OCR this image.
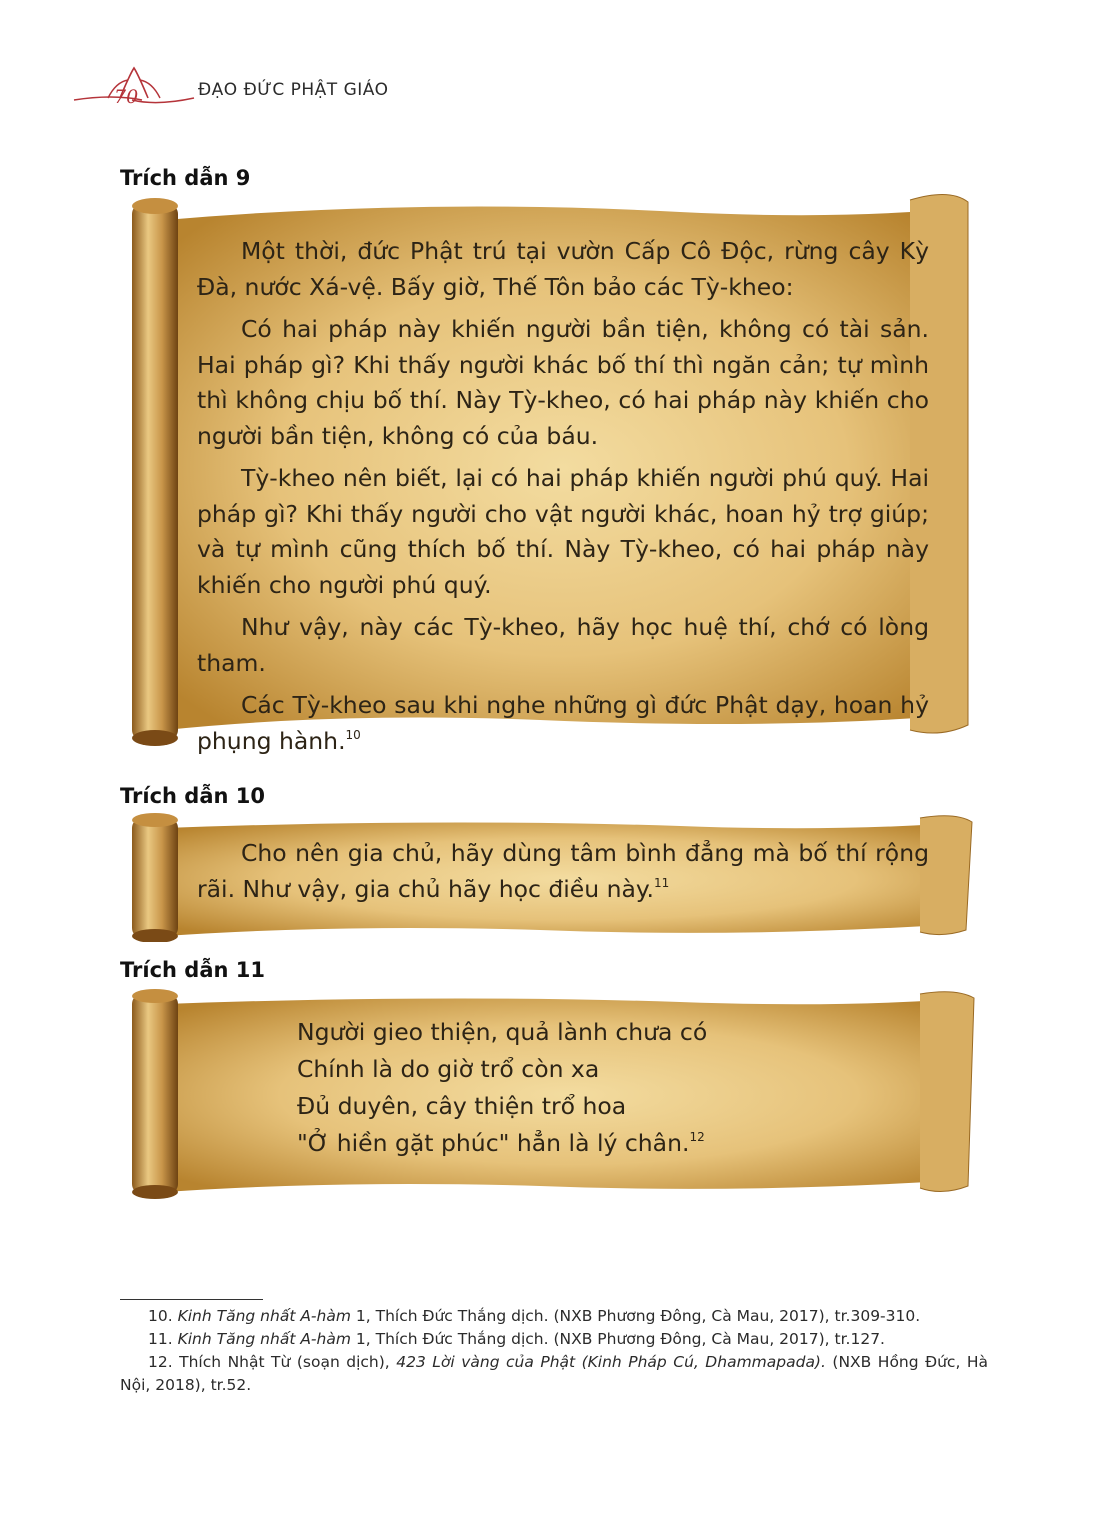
70	ĐẠO ĐỨC PHẬT GIÁO
Trích dẫn 9

Một thời, đức Phật trú tại vườn Cấp Cô Độc, rừng cây Kỳ Đà, nước Xá-vệ. Bấy giờ, Thế Tôn bảo các Tỳ-kheo:

Có hai pháp này khiến người bần tiện, không có tài sản. Hai pháp gì? Khi thấy người khác bố thí thì ngăn cản; tự mình thì không chịu bố thí. Này Tỳ-kheo, có hai pháp này khiến cho người bần tiện, không có của báu.

Tỳ-kheo nên biết, lại có hai pháp khiến người phú quý. Hai pháp gì? Khi thấy người cho vật người khác, hoan hỷ trợ giúp; và tự mình cũng thích bố thí. Này Tỳ-kheo, có hai pháp này khiến cho người phú quý.

Như vậy, này các Tỳ-kheo, hãy học huệ thí, chớ có lòng tham.

Các Tỳ-kheo sau khi nghe những gì đức Phật dạy, hoan hỷ phụng hành.$^{10}$

Trích dẫn 10

Cho nên gia chủ, hãy dùng tâm bình đẳng mà bố thí rộng rãi. Như vậy, gia chủ hãy học điều này.$^{11}$

Trích dẫn 11
Người gieo thiện, quả lành chưa có
Chính là do giờ trổ còn xa
Đủ duyên, cây thiện trổ hoa
"Ở hiền gặt phúc" hẳn là lý chân.$^{12}$

10. Kinh Tăng nhất A-hàm 1, Thích Đức Thắng dịch. (NXB Phương Đông, Cà Mau, 2017), tr.309-310.

11. Kinh Tăng nhất A-hàm 1, Thích Đức Thắng dịch. (NXB Phương Đông, Cà Mau, 2017), tr.127.

12. Thích Nhật Từ (soạn dịch), 423 Lời vàng của Phật (Kinh Pháp Cú, Dhammapada). (NXB Hồng Đức, Hà Nội, 2018), tr.52.
